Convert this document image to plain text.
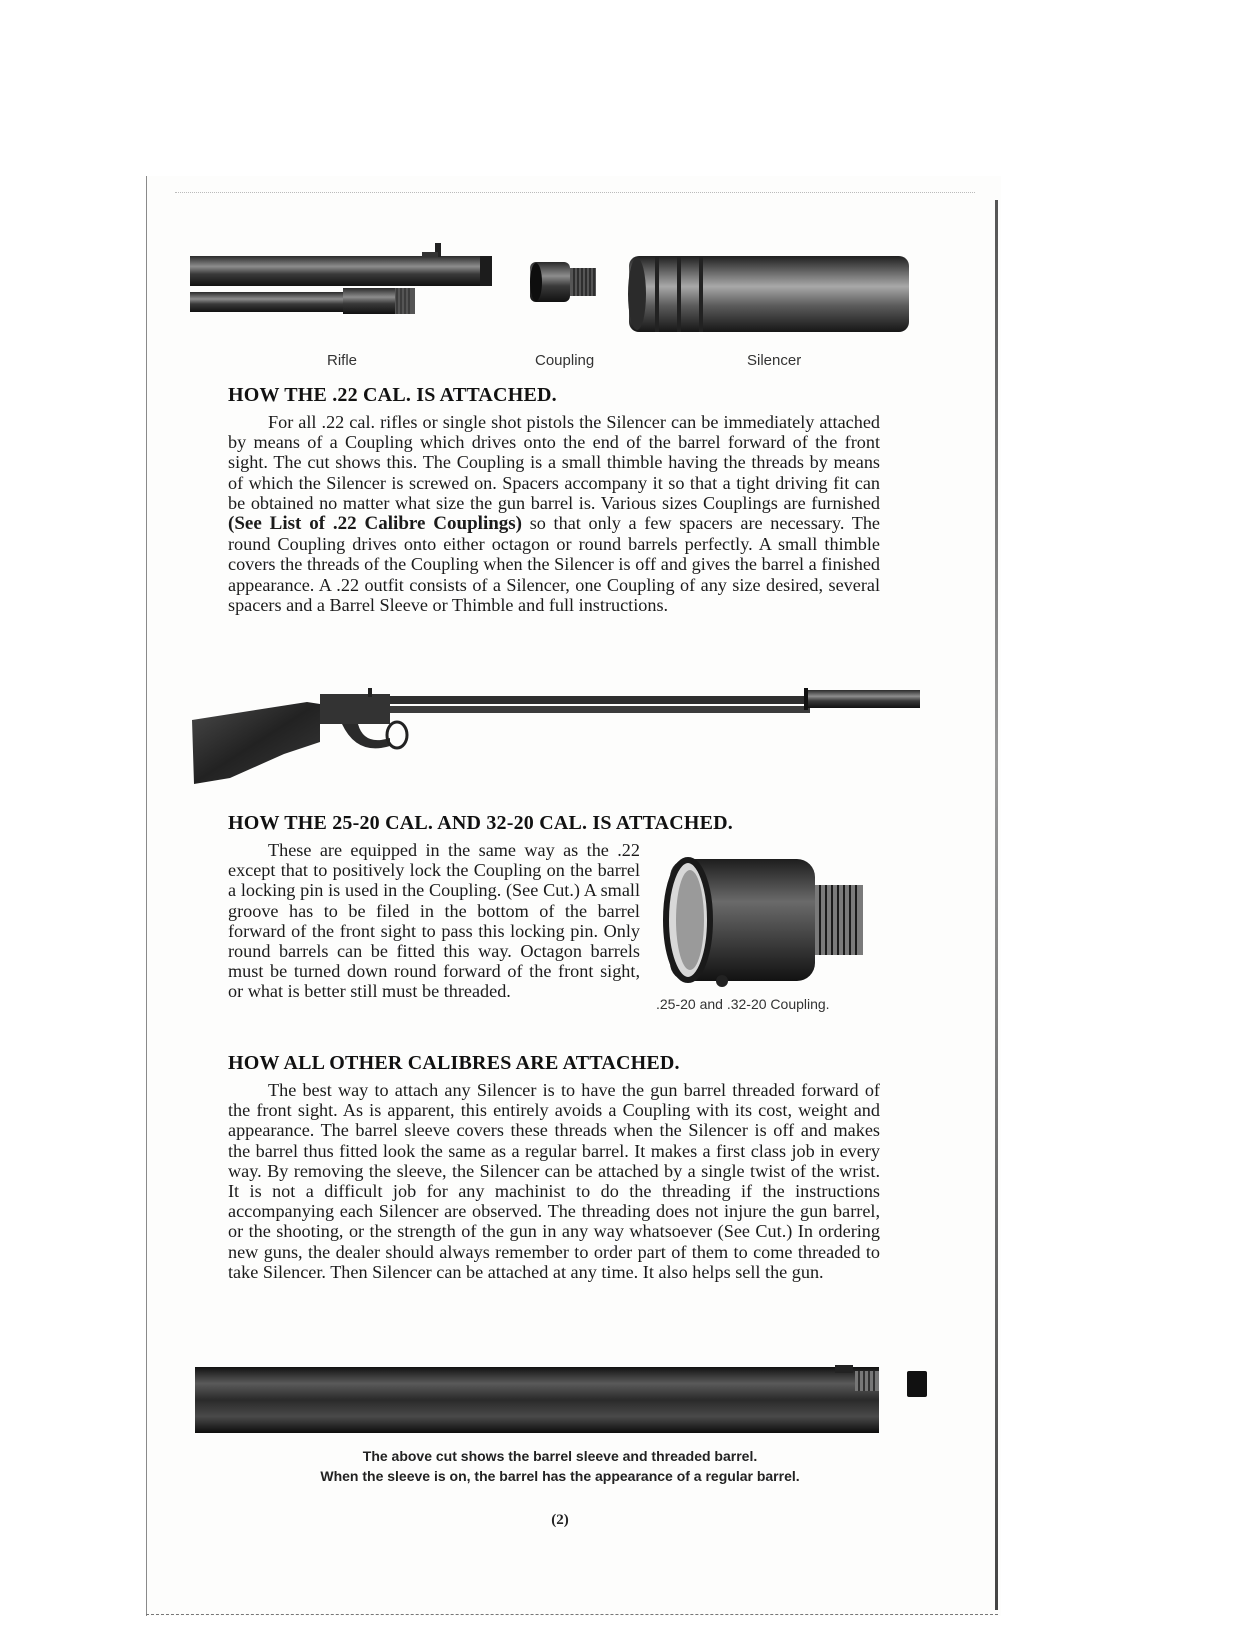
Rifle	Coupling	Silencer
HOW THE .22 CAL. IS ATTACHED.

For all .22 cal. rifles or single shot pistols the Silencer can be immediately attached by means of a Coupling which drives onto the end of the barrel forward of the front sight. The cut shows this. The Coupling is a small thimble having the threads by means of which the Silencer is screwed on. Spacers accompany it so that a tight driving fit can be obtained no matter what size the gun barrel is. Various sizes Couplings are furnished (See List of .22 Calibre Couplings) so that only a few spacers are necessary. The round Coupling drives onto either octagon or round barrels perfectly. A small thimble covers the threads of the Coupling when the Silencer is off and gives the barrel a finished appearance. A .22 outfit consists of a Silencer, one Coupling of any size desired, several spacers and a Barrel Sleeve or Thimble and full instructions.

HOW THE 25-20 CAL. AND 32-20 CAL. IS ATTACHED.

These are equipped in the same way as the .22 except that to positively lock the Coupling on the barrel a locking pin is used in the Coupling. (See Cut.) A small groove has to be filed in the bottom of the barrel forward of the front sight to pass this locking pin. Only round barrels can be fitted this way. Octagon barrels must be turned down round forward of the front sight, or what is better still must be threaded.

.25-20 and .32-20 Coupling.
HOW ALL OTHER CALIBRES ARE ATTACHED.

The best way to attach any Silencer is to have the gun barrel threaded forward of the front sight. As is apparent, this entirely avoids a Coupling with its cost, weight and appearance. The barrel sleeve covers these threads when the Silencer is off and makes the barrel thus fitted look the same as a regular barrel. It makes a first class job in every way. By removing the sleeve, the Silencer can be attached by a single twist of the wrist. It is not a difficult job for any machinist to do the threading if the instructions accompanying each Silencer are observed. The threading does not injure the gun barrel, or the shooting, or the strength of the gun in any way whatsoever (See Cut.) In ordering new guns, the dealer should always remember to order part of them to come threaded to take Silencer. Then Silencer can be attached at any time. It also helps sell the gun.

The above cut shows the barrel sleeve and threaded barrel.
When the sleeve is on, the barrel has the appearance of a regular barrel.
(2)
